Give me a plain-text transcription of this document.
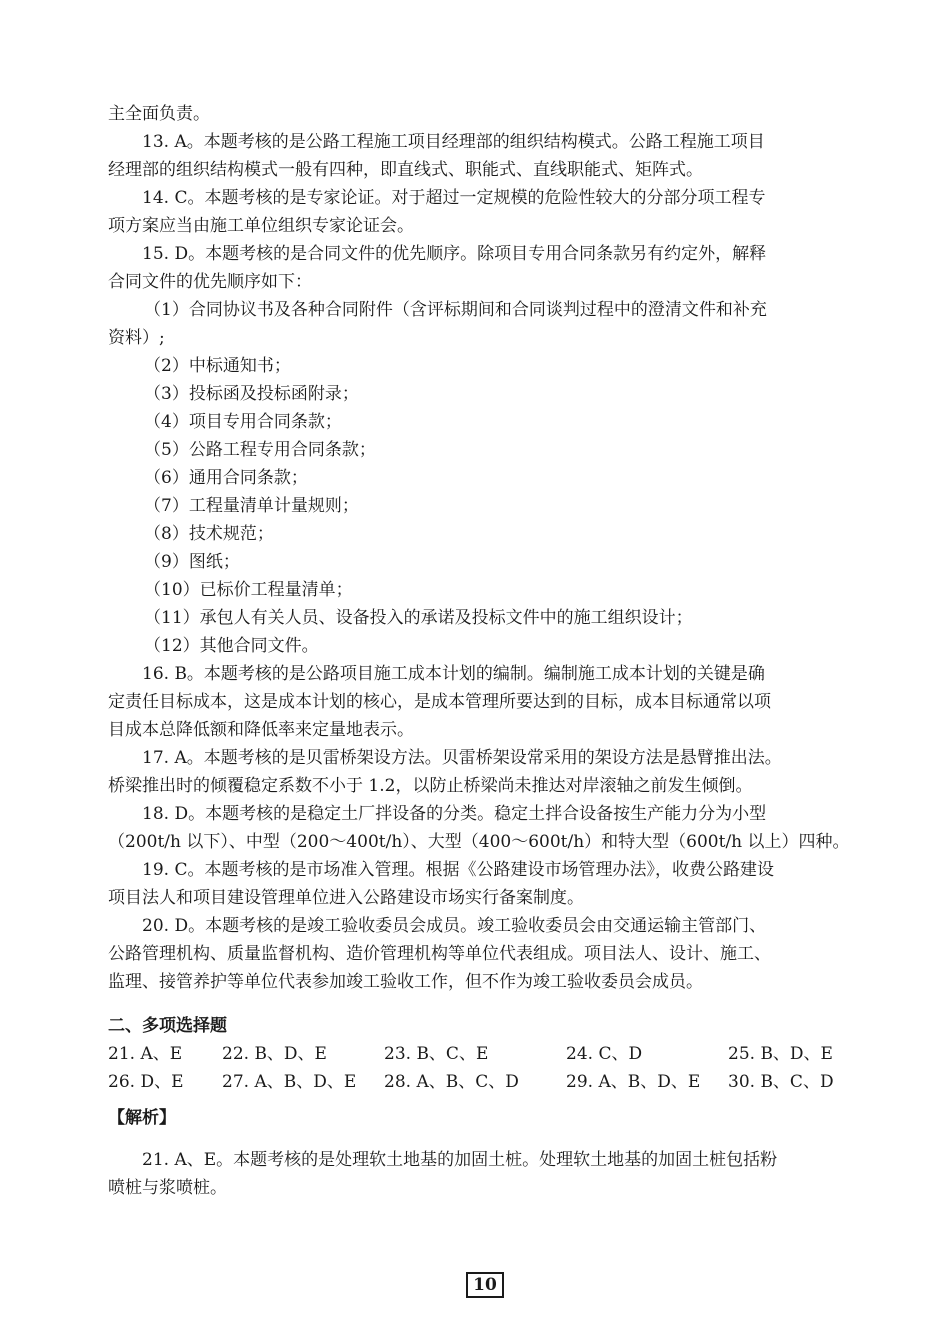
主全面负责。
13. A。本题考核的是公路工程施工项目经理部的组织结构模式。公路工程施工项目
经理部的组织结构模式一般有四种，即直线式、职能式、直线职能式、矩阵式。
14. C。本题考核的是专家论证。对于超过一定规模的危险性较大的分部分项工程专
项方案应当由施工单位组织专家论证会。
15. D。本题考核的是合同文件的优先顺序。除项目专用合同条款另有约定外，解释
合同文件的优先顺序如下：
（1）合同协议书及各种合同附件（含评标期间和合同谈判过程中的澄清文件和补充
资料）;
（2）中标通知书；
（3）投标函及投标函附录；
（4）项目专用合同条款；
（5）公路工程专用合同条款；
（6）通用合同条款；
（7）工程量清单计量规则；
（8）技术规范；
（9）图纸；
（10）已标价工程量清单；
（11）承包人有关人员、设备投入的承诺及投标文件中的施工组织设计；
（12）其他合同文件。
16. B。本题考核的是公路项目施工成本计划的编制。编制施工成本计划的关键是确
定责任目标成本，这是成本计划的核心，是成本管理所要达到的目标，成本目标通常以项
目成本总降低额和降低率来定量地表示。
17. A。本题考核的是贝雷桥架设方法。贝雷桥架设常采用的架设方法是悬臂推出法。
桥梁推出时的倾覆稳定系数不小于 1.2，以防止桥梁尚未推达对岸滚轴之前发生倾倒。
18. D。本题考核的是稳定土厂拌设备的分类。稳定土拌合设备按生产能力分为小型
（200t/h 以下）、中型（200～400t/h）、大型（400～600t/h）和特大型（600t/h 以上）四种。
19. C。本题考核的是市场准入管理。根据《公路建设市场管理办法》，收费公路建设
项目法人和项目建设管理单位进入公路建设市场实行备案制度。
20. D。本题考核的是竣工验收委员会成员。竣工验收委员会由交通运输主管部门、
公路管理机构、质量监督机构、造价管理机构等单位代表组成。项目法人、设计、施工、
监理、接管养护等单位代表参加竣工验收工作，但不作为竣工验收委员会成员。
二、多项选择题
21. A、E	22. B、D、E	23. B、C、E	24. C、D	25. B、D、E
26. D、E	27. A、B、D、E	28. A、B、C、D	29. A、B、D、E	30. B、C、D
【解析】
21. A、E。本题考核的是处理软土地基的加固土桩。处理软土地基的加固土桩包括粉
喷桩与浆喷桩。
10
